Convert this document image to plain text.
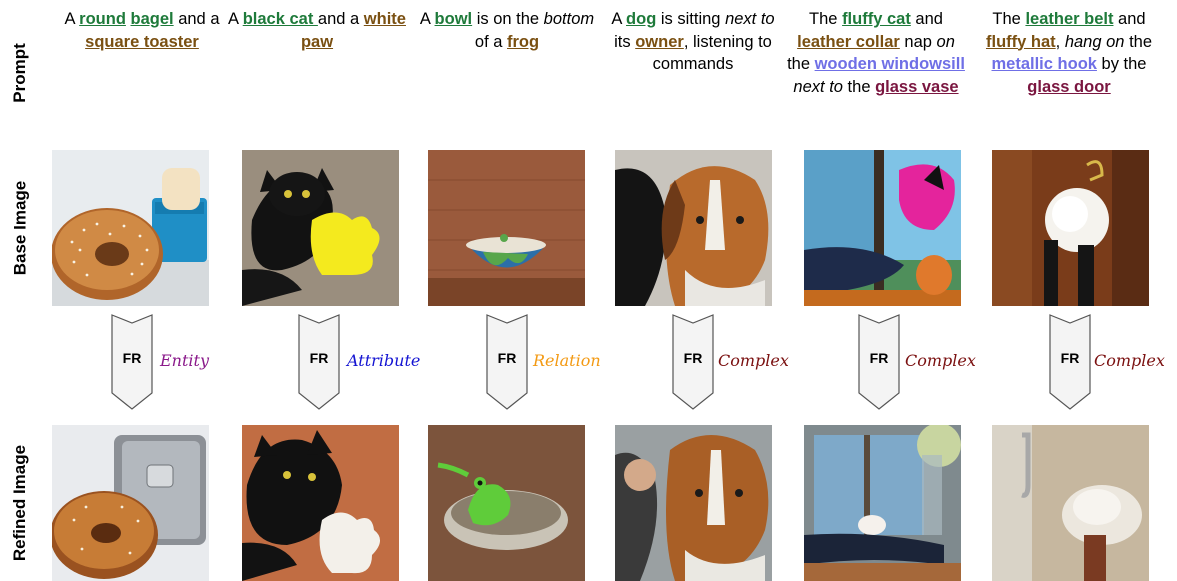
Prompt
Base Image
Refined Image
A round bagel and a square toaster
A black cat and a white paw
A bowl is on the bottom of a frog
A dog is sitting next to its owner, listening to commands
The fluffy cat and leather collar nap on the wooden windowsill next to the glass vase
The leather belt and fluffy hat, hang on the metallic hook by the glass door
FR	FR	FR	FR	FR	FR
Entity	Attribute	Relation	Complex	Complex	Complex
